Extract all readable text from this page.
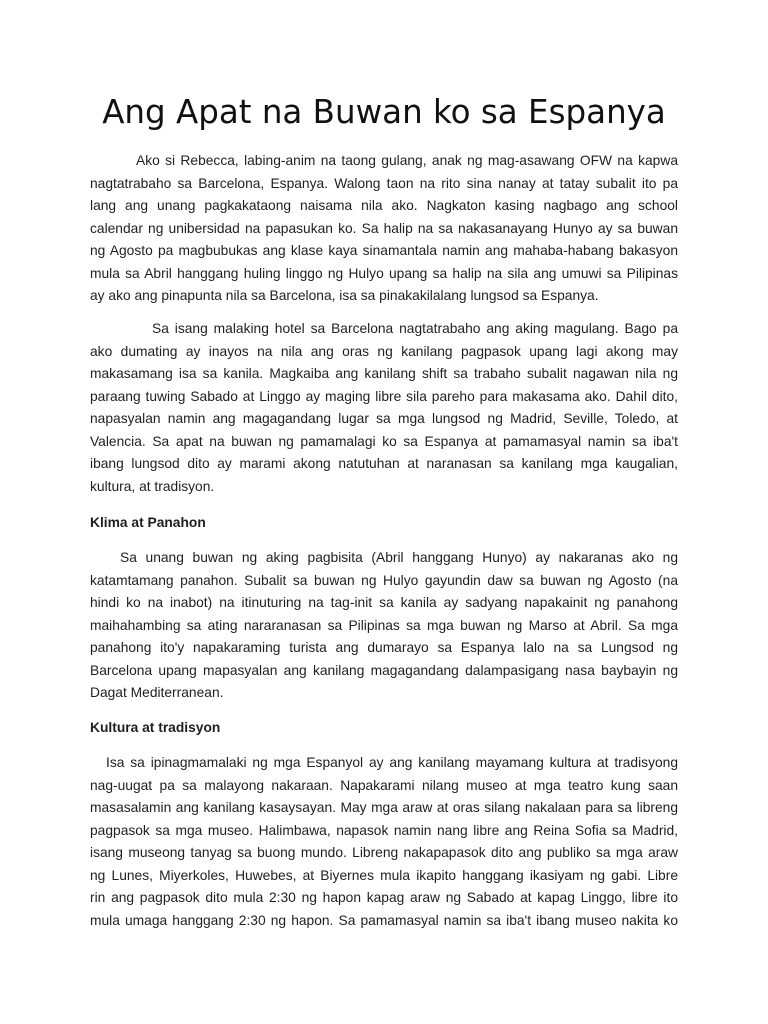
Ang Apat na Buwan ko sa Espanya
Ako si Rebecca, labing-anim na taong gulang, anak ng mag-asawang OFW na kapwa
nagtatrabaho sa Barcelona, Espanya. Walong taon na rito sina nanay at tatay subalit ito pa
lang ang unang pagkakataong naisama nila ako. Nagkaton kasing nagbago ang school
calendar ng unibersidad na papasukan ko. Sa halip na sa nakasanayang Hunyo ay sa buwan
ng Agosto pa magbubukas ang klase kaya sinamantala namin ang mahaba-habang bakasyon
mula sa Abril hanggang huling linggo ng Hulyo upang sa halip na sila ang umuwi sa Pilipinas
ay ako ang pinapunta nila sa Barcelona, isa sa pinakakilalang lungsod sa Espanya.
Sa isang malaking hotel sa Barcelona nagtatrabaho ang aking magulang. Bago pa
ako dumating ay inayos na nila ang oras ng kanilang pagpasok upang lagi akong may
makasamang isa sa kanila. Magkaiba ang kanilang shift sa trabaho subalit nagawan nila ng
paraang tuwing Sabado at Linggo ay maging libre sila pareho para makasama ako. Dahil dito,
napasyalan namin ang magagandang lugar sa mga lungsod ng Madrid, Seville, Toledo, at
Valencia. Sa apat na buwan ng pamamalagi ko sa Espanya at pamamasyal namin sa iba't
ibang lungsod dito ay marami akong natutuhan at naranasan sa kanilang mga kaugalian,
kultura, at tradisyon.
Klima at Panahon
Sa unang buwan ng aking pagbisita (Abril hanggang Hunyo) ay nakaranas ako ng
katamtamang panahon. Subalit sa buwan ng Hulyo gayundin daw sa buwan ng Agosto (na
hindi ko na inabot) na itinuturing na tag-init sa kanila ay sadyang napakainit ng panahong
maihahambing sa ating nararanasan sa Pilipinas sa mga buwan ng Marso at Abril. Sa mga
panahong ito'y napakaraming turista ang dumarayo sa Espanya lalo na sa Lungsod ng
Barcelona upang mapasyalan ang kanilang magagandang dalampasigang nasa baybayin ng
Dagat Mediterranean.
Kultura at tradisyon
Isa sa ipinagmamalaki ng mga Espanyol ay ang kanilang mayamang kultura at tradisyong
nag-uugat pa sa malayong nakaraan. Napakarami nilang museo at mga teatro kung saan
masasalamin ang kanilang kasaysayan. May mga araw at oras silang nakalaan para sa libreng
pagpasok sa mga museo. Halimbawa, napasok namin nang libre ang Reina Sofia sa Madrid,
isang museong tanyag sa buong mundo. Libreng nakapapasok dito ang publiko sa mga araw
ng Lunes, Miyerkoles, Huwebes, at Biyernes mula ikapito hanggang ikasiyam ng gabi. Libre
rin ang pagpasok dito mula 2:30 ng hapon kapag araw ng Sabado at kapag Linggo, libre ito
mula umaga hanggang 2:30 ng hapon. Sa pamamasyal namin sa iba't ibang museo nakita ko
